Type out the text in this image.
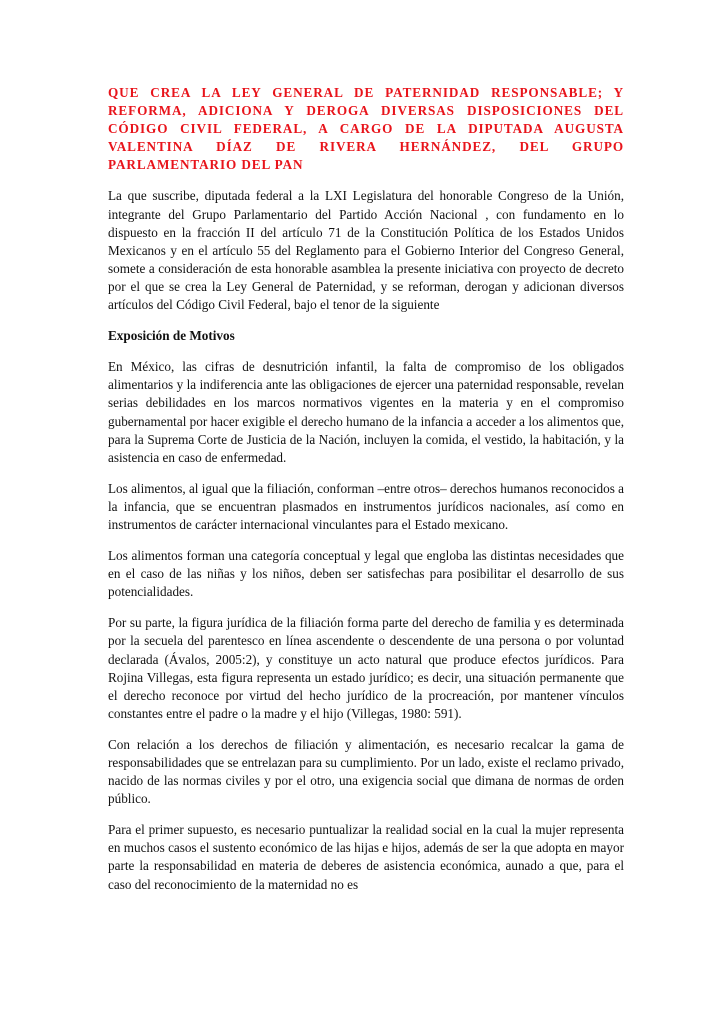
QUE CREA LA LEY GENERAL DE PATERNIDAD RESPONSABLE; Y REFORMA, ADICIONA Y DEROGA DIVERSAS DISPOSICIONES DEL CÓDIGO CIVIL FEDERAL, A CARGO DE LA DIPUTADA AUGUSTA VALENTINA DÍAZ DE RIVERA HERNÁNDEZ, DEL GRUPO PARLAMENTARIO DEL PAN

La que suscribe, diputada federal a la LXI Legislatura del honorable Congreso de la Unión, integrante del Grupo Parlamentario del Partido Acción Nacional , con fundamento en lo dispuesto en la fracción II del artículo 71 de la Constitución Política de los Estados Unidos Mexicanos y en el artículo 55 del Reglamento para el Gobierno Interior del Congreso General, somete a consideración de esta honorable asamblea la presente iniciativa con proyecto de decreto por el que se crea la Ley General de Paternidad, y se reforman, derogan y adicionan diversos artículos del Código Civil Federal, bajo el tenor de la siguiente

Exposición de Motivos

En México, las cifras de desnutrición infantil, la falta de compromiso de los obligados alimentarios y la indiferencia ante las obligaciones de ejercer una paternidad responsable, revelan serias debilidades en los marcos normativos vigentes en la materia y en el compromiso gubernamental por hacer exigible el derecho humano de la infancia a acceder a los alimentos que, para la Suprema Corte de Justicia de la Nación, incluyen la comida, el vestido, la habitación, y la asistencia en caso de enfermedad.

Los alimentos, al igual que la filiación, conforman –entre otros– derechos humanos reconocidos a la infancia, que se encuentran plasmados en instrumentos jurídicos nacionales, así como en instrumentos de carácter internacional vinculantes para el Estado mexicano.

Los alimentos forman una categoría conceptual y legal que engloba las distintas necesidades que en el caso de las niñas y los niños, deben ser satisfechas para posibilitar el desarrollo de sus potencialidades.

Por su parte, la figura jurídica de la filiación forma parte del derecho de familia y es determinada por la secuela del parentesco en línea ascendente o descendente de una persona o por voluntad declarada (Ávalos, 2005:2), y constituye un acto natural que produce efectos jurídicos. Para Rojina Villegas, esta figura representa un estado jurídico; es decir, una situación permanente que el derecho reconoce por virtud del hecho jurídico de la procreación, por mantener vínculos constantes entre el padre o la madre y el hijo (Villegas, 1980: 591).

Con relación a los derechos de filiación y alimentación, es necesario recalcar la gama de responsabilidades que se entrelazan para su cumplimiento. Por un lado, existe el reclamo privado, nacido de las normas civiles y por el otro, una exigencia social que dimana de normas de orden público.

Para el primer supuesto, es necesario puntualizar la realidad social en la cual la mujer representa en muchos casos el sustento económico de las hijas e hijos, además de ser la que adopta en mayor parte la responsabilidad en materia de deberes de asistencia económica, aunado a que, para el caso del reconocimiento de la maternidad no es
